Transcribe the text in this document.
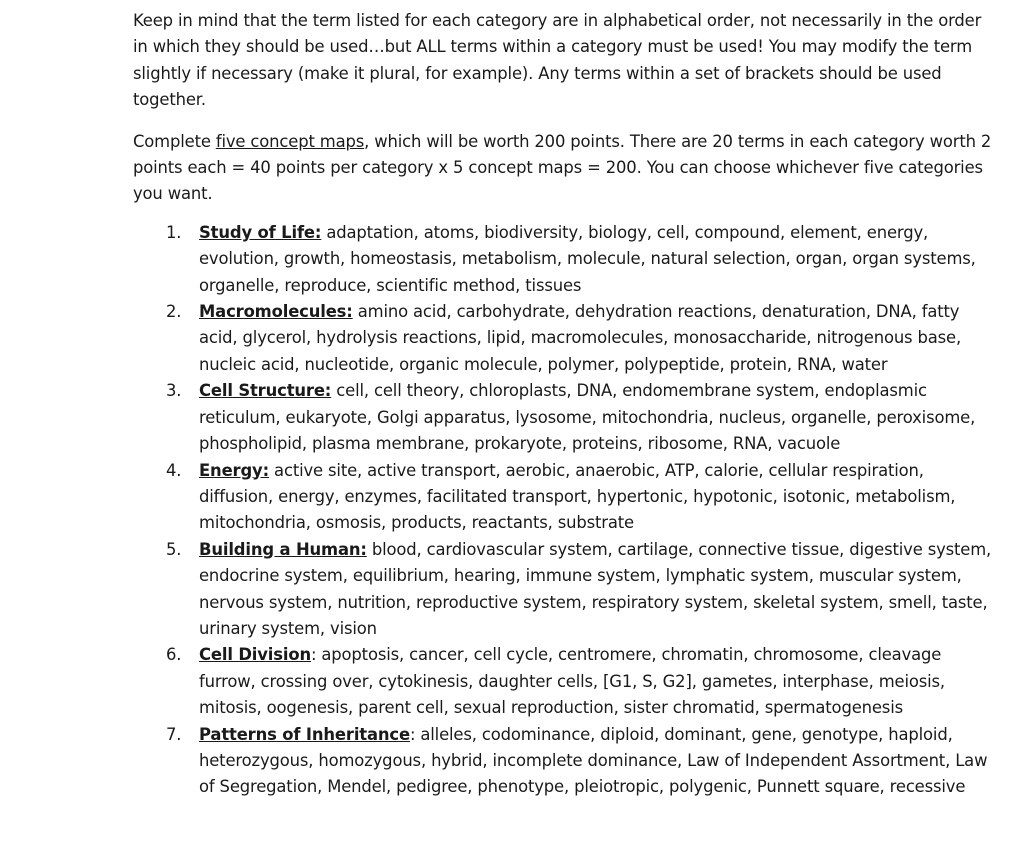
Keep in mind that the term listed for each category are in alphabetical order, not necessarily in the order in which they should be used…but ALL terms within a category must be used! You may modify the term slightly if necessary (make it plural, for example). Any terms within a set of brackets should be used together.

Complete five concept maps, which will be worth 200 points. There are 20 terms in each category worth 2 points each = 40 points per category x 5 concept maps = 200. You can choose whichever five categories you want.

1. Study of Life: adaptation, atoms, biodiversity, biology, cell, compound, element, energy, evolution, growth, homeostasis, metabolism, molecule, natural selection, organ, organ systems, organelle, reproduce, scientific method, tissues
2. Macromolecules: amino acid, carbohydrate, dehydration reactions, denaturation, DNA, fatty acid, glycerol, hydrolysis reactions, lipid, macromolecules, monosaccharide, nitrogenous base, nucleic acid, nucleotide, organic molecule, polymer, polypeptide, protein, RNA, water
3. Cell Structure: cell, cell theory, chloroplasts, DNA, endomembrane system, endoplasmic reticulum, eukaryote, Golgi apparatus, lysosome, mitochondria, nucleus, organelle, peroxisome, phospholipid, plasma membrane, prokaryote, proteins, ribosome, RNA, vacuole
4. Energy: active site, active transport, aerobic, anaerobic, ATP, calorie, cellular respiration, diffusion, energy, enzymes, facilitated transport, hypertonic, hypotonic, isotonic, metabolism, mitochondria, osmosis, products, reactants, substrate
5. Building a Human: blood, cardiovascular system, cartilage, connective tissue, digestive system, endocrine system, equilibrium, hearing, immune system, lymphatic system, muscular system, nervous system, nutrition, reproductive system, respiratory system, skeletal system, smell, taste, urinary system, vision
6. Cell Division: apoptosis, cancer, cell cycle, centromere, chromatin, chromosome, cleavage furrow, crossing over, cytokinesis, daughter cells, [G1, S, G2], gametes, interphase, meiosis, mitosis, oogenesis, parent cell, sexual reproduction, sister chromatid, spermatogenesis
7. Patterns of Inheritance: alleles, codominance, diploid, dominant, gene, genotype, haploid, heterozygous, homozygous, hybrid, incomplete dominance, Law of Independent Assortment, Law of Segregation, Mendel, pedigree, phenotype, pleiotropic, polygenic, Punnett square, recessive
